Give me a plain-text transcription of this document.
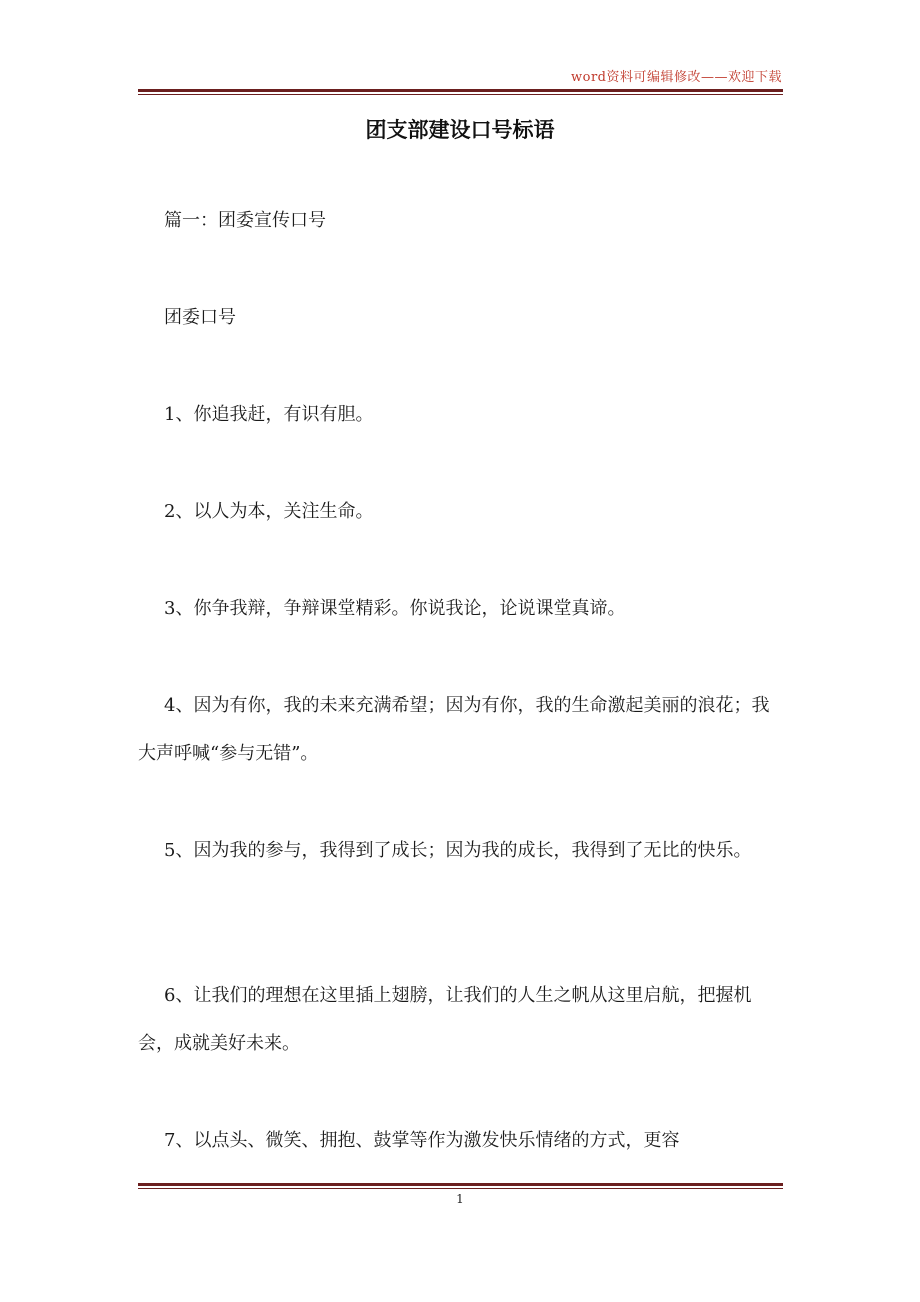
word资料可编辑修改——欢迎下载
团支部建设口号标语
篇一：团委宣传口号
团委口号
1、你追我赶，有识有胆。
2、以人为本，关注生命。
3、你争我辩，争辩课堂精彩。你说我论，论说课堂真谛。
4、因为有你，我的未来充满希望；因为有你，我的生命激起美丽的浪花；我大声呼喊“参与无错”。
5、因为我的参与，我得到了成长；因为我的成长，我得到了无比的快乐。
6、让我们的理想在这里插上翅膀，让我们的人生之帆从这里启航，把握机会，成就美好未来。
7、以点头、微笑、拥抱、鼓掌等作为激发快乐情绪的方式，更容
1
